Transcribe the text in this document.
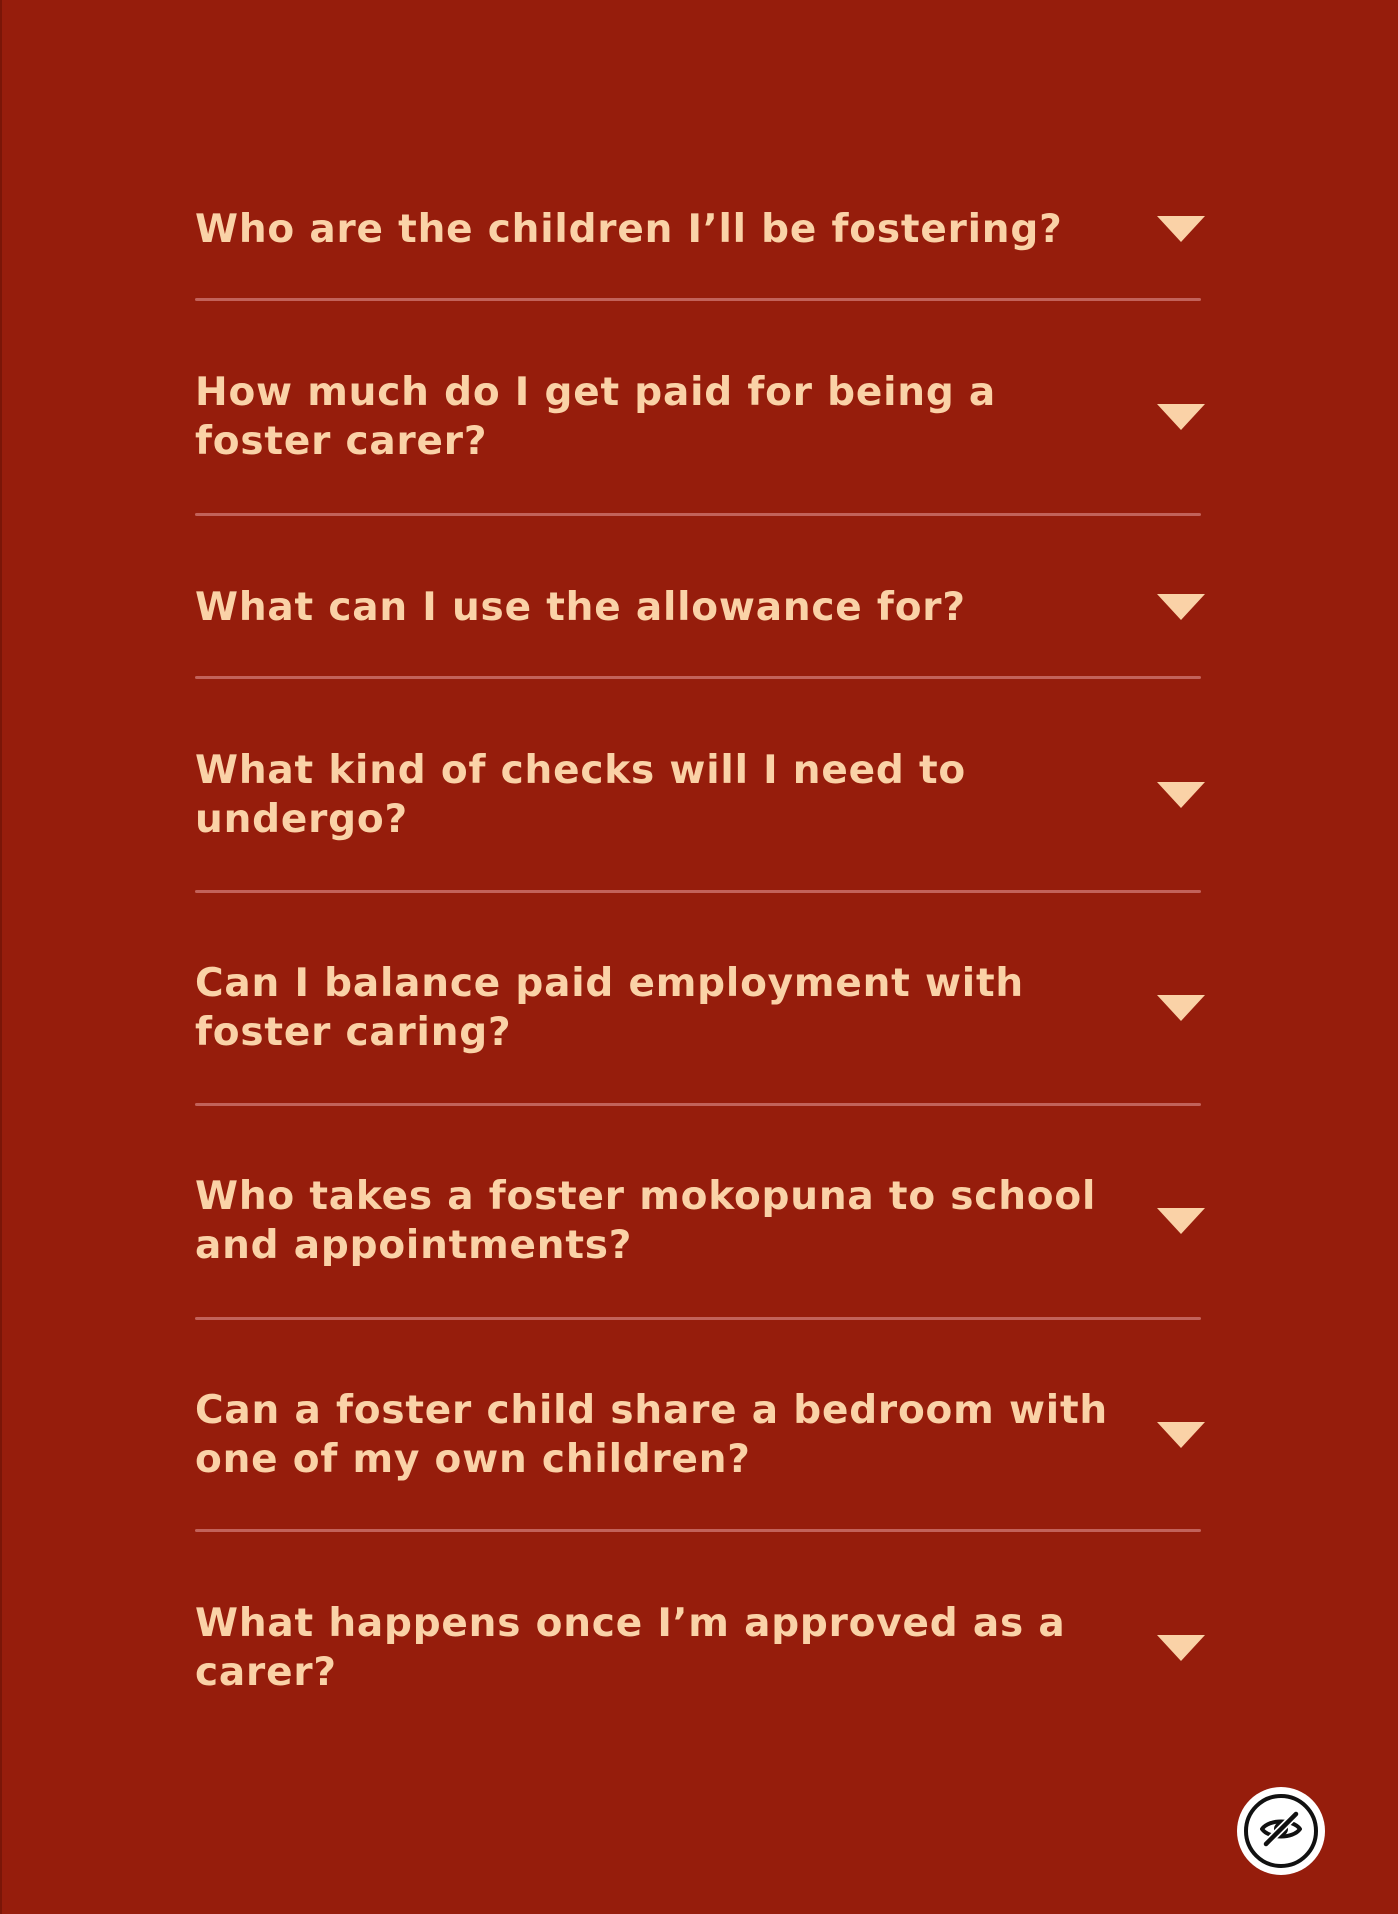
Who are the children I’ll be fostering?
How much do I get paid for being a foster carer?
What can I use the allowance for?
What kind of checks will I need to undergo?
Can I balance paid employment with foster caring?
Who takes a foster mokopuna to school and appointments?
Can a foster child share a bedroom with one of my own children?
What happens once I’m approved as a carer?
